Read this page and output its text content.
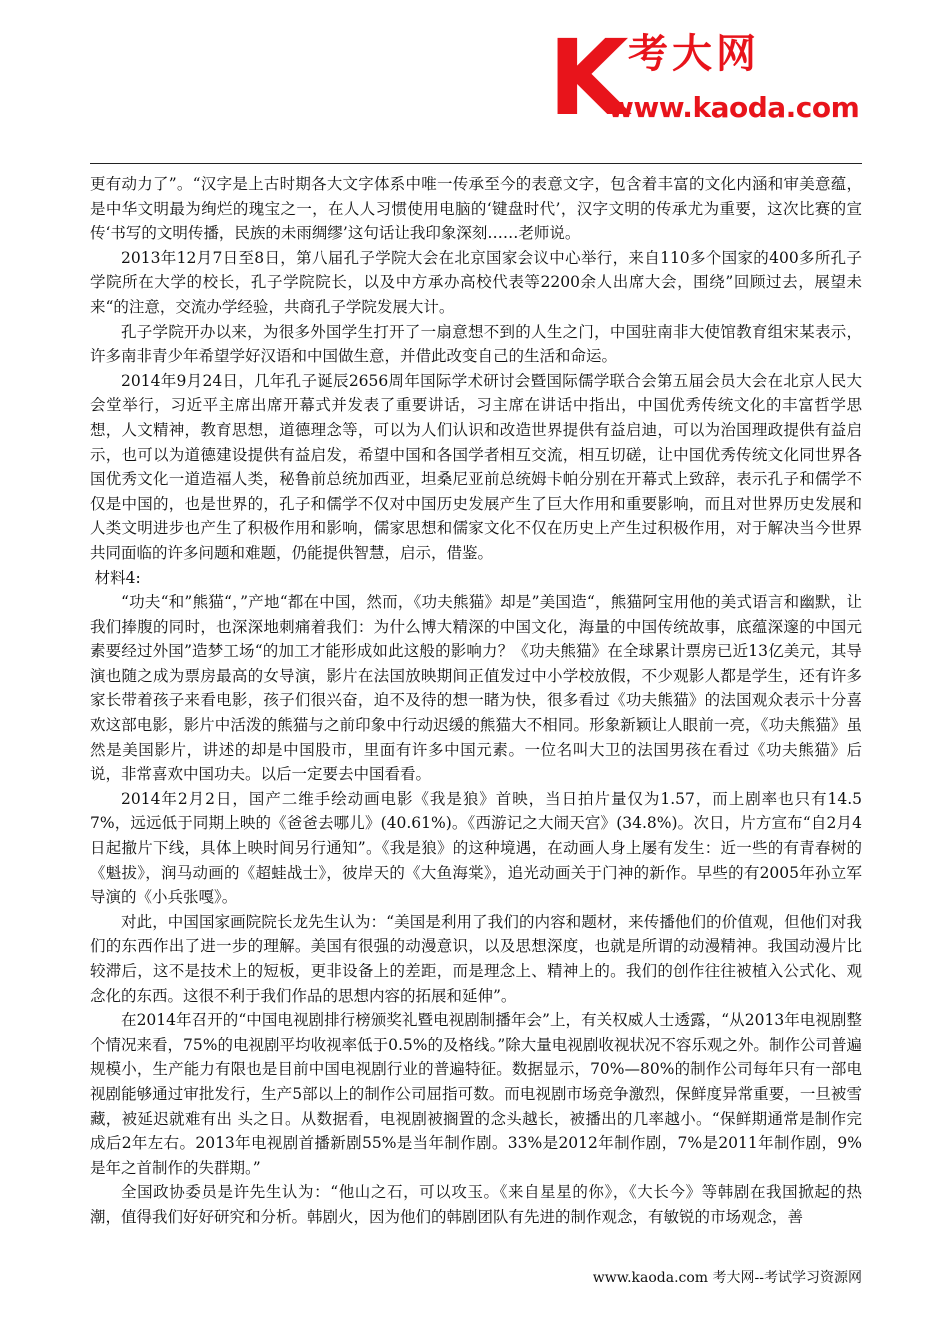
K 考大网
www.kaoda.com

更有动力了”。“汉字是上古时期各大文字体系中唯一传承至今的表意文字，包含着丰富的文化内涵和审美意蕴，是中华文明最为绚烂的瑰宝之一，在人人习惯使用电脑的‘键盘时代’，汉字文明的传承尤为重要，这次比赛的宣传‘书写的文明传播，民族的未雨绸缪’这句话让我印象深刻……老师说。

2013年12月7日至8日，第八届孔子学院大会在北京国家会议中心举行，来自110多个国家的400多所孔子学院所在大学的校长，孔子学院院长，以及中方承办高校代表等2200余人出席大会，围绕”回顾过去，展望未来“的注意，交流办学经验，共商孔子学院发展大计。

孔子学院开办以来，为很多外国学生打开了一扇意想不到的人生之门，中国驻南非大使馆教育组宋某表示，许多南非青少年希望学好汉语和中国做生意，并借此改变自己的生活和命运。

2014年9月24日，几年孔子诞辰2656周年国际学术研讨会暨国际儒学联合会第五届会员大会在北京人民大会堂举行，习近平主席出席开幕式并发表了重要讲话，习主席在讲话中指出，中国优秀传统文化的丰富哲学思想，人文精神，教育思想，道德理念等，可以为人们认识和改造世界提供有益启迪，可以为治国理政提供有益启示，也可以为道德建设提供有益启发，希望中国和各国学者相互交流，相互切磋，让中国优秀传统文化同世界各国优秀文化一道造福人类，秘鲁前总统加西亚，坦桑尼亚前总统姆卡帕分别在开幕式上致辞，表示孔子和儒学不仅是中国的，也是世界的，孔子和儒学不仅对中国历史发展产生了巨大作用和重要影响，而且对世界历史发展和人类文明进步也产生了积极作用和影响，儒家思想和儒家文化不仅在历史上产生过积极作用，对于解决当今世界共同面临的许多问题和难题，仍能提供智慧，启示，借鉴。

材料4:

“功夫“和”熊猫“，”产地“都在中国，然而，《功夫熊猫》却是”美国造“，熊猫阿宝用他的美式语言和幽默，让我们捧腹的同时，也深深地刺痛着我们：为什么博大精深的中国文化，海量的中国传统故事，底蕴深邃的中国元素要经过外国”造梦工场“的加工才能形成如此这般的影响力？《功夫熊猫》在全球累计票房已近13亿美元，其导演也随之成为票房最高的女导演，影片在法国放映期间正值发过中小学校放假，不少观影人都是学生，还有许多家长带着孩子来看电影，孩子们很兴奋，迫不及待的想一睹为快，很多看过《功夫熊猫》的法国观众表示十分喜欢这部电影，影片中活泼的熊猫与之前印象中行动迟缓的熊猫大不相同。形象新颖让人眼前一亮，《功夫熊猫》虽然是美国影片，讲述的却是中国股市，里面有许多中国元素。一位名叫大卫的法国男孩在看过《功夫熊猫》后说，非常喜欢中国功夫。以后一定要去中国看看。

2014年2月2日，国产二维手绘动画电影《我是狼》首映，当日拍片量仅为1.57，而上剧率也只有14.57%，远远低于同期上映的《爸爸去哪儿》(40.61%)。《西游记之大闹天宫》(34.8%)。次日，片方宣布“自2月4日起撤片下线，具体上映时间另行通知”。《我是狼》的这种境遇，在动画人身上屡有发生：近一些的有青春树的《魁拔》，润马动画的《超蛙战士》，彼岸天的《大鱼海棠》，追光动画关于门神的新作。早些的有2005年孙立军导演的《小兵张嘎》。

对此，中国国家画院院长龙先生认为：“美国是利用了我们的内容和题材，来传播他们的价值观，但他们对我们的东西作出了进一步的理解。美国有很强的动漫意识，以及思想深度，也就是所谓的动漫精神。我国动漫片比较滞后，这不是技术上的短板，更非设备上的差距，而是理念上、精神上的。我们的创作往往被植入公式化、观念化的东西。这很不利于我们作品的思想内容的拓展和延伸”。

在2014年召开的“中国电视剧排行榜颁奖礼暨电视剧制播年会”上，有关权威人士透露，“从2013年电视剧整个情况来看，75%的电视剧平均收视率低于0.5%的及格线。”除大量电视剧收视状况不容乐观之外。制作公司普遍规模小，生产能力有限也是目前中国电视剧行业的普遍特征。数据显示，70%—80%的制作公司每年只有一部电视剧能够通过审批发行，生产5部以上的制作公司屈指可数。而电视剧市场竞争激烈，保鲜度异常重要，一旦被雪藏，被延迟就难有出 头之日。从数据看，电视剧被搁置的念头越长，被播出的几率越小。“保鲜期通常是制作完成后2年左右。2013年电视剧首播新剧55%是当年制作剧。33%是2012年制作剧，7%是2011年制作剧，9%是年之首制作的失群期。”

全国政协委员是许先生认为：“他山之石，可以攻玉。《来自星星的你》，《大长今》等韩剧在我国掀起的热潮，值得我们好好研究和分析。韩剧火，因为他们的韩剧团队有先进的制作观念，有敏锐的市场观念，善

www.kaoda.com 考大网--考试学习资源网
